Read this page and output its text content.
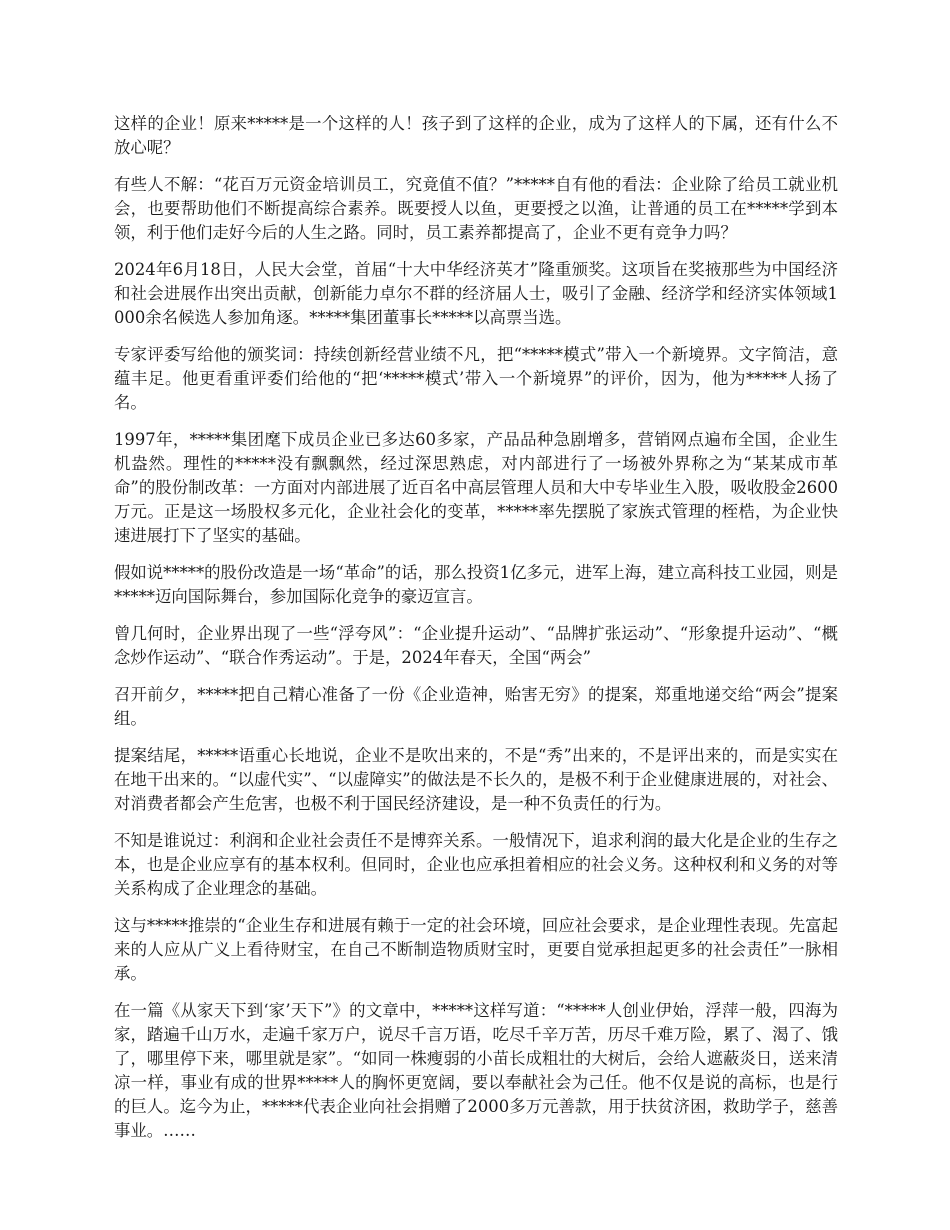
这样的企业！原来*****是一个这样的人！孩子到了这样的企业，成为了这样人的下属，还有什么不放心呢？

有些人不解：“花百万元资金培训员工，究竟值不值？”*****自有他的看法：企业除了给员工就业机会，也要帮助他们不断提高综合素养。既要授人以鱼，更要授之以渔，让普通的员工在*****学到本领，利于他们走好今后的人生之路。同时，员工素养都提高了，企业不更有竞争力吗？

2024年6月18日，人民大会堂，首届“十大中华经济英才”隆重颁奖。这项旨在奖掖那些为中国经济和社会进展作出突出贡献，创新能力卓尔不群的经济届人士，吸引了金融、经济学和经济实体领域1000余名候选人参加角逐。*****集团董事长*****以高票当选。

专家评委写给他的颁奖词：持续创新经营业绩不凡，把“*****模式”带入一个新境界。文字简洁，意蕴丰足。他更看重评委们给他的“把‘*****模式’带入一个新境界”的评价，因为，他为*****人扬了名。

1997年，*****集团麾下成员企业已多达60多家，产品品种急剧增多，营销网点遍布全国，企业生机盎然。理性的*****没有飘飘然，经过深思熟虑，对内部进行了一场被外界称之为“某某成市革命”的股份制改革：一方面对内部进展了近百名中高层管理人员和大中专毕业生入股，吸收股金2600万元。正是这一场股权多元化，企业社会化的变革，*****率先摆脱了家族式管理的桎梏，为企业快速进展打下了坚实的基础。

假如说*****的股份改造是一场“革命”的话，那么投资1亿多元，进军上海，建立高科技工业园，则是*****迈向国际舞台，参加国际化竞争的豪迈宣言。

曾几何时，企业界出现了一些“浮夸风”：“企业提升运动”、“品牌扩张运动”、“形象提升运动”、“概念炒作运动”、“联合作秀运动”。于是，2024年春天，全国“两会”

召开前夕，*****把自己精心准备了一份《企业造神，贻害无穷》的提案，郑重地递交给“两会”提案组。

提案结尾，*****语重心长地说，企业不是吹出来的，不是“秀”出来的，不是评出来的，而是实实在在地干出来的。“以虚代实”、“以虚障实”的做法是不长久的，是极不利于企业健康进展的，对社会、对消费者都会产生危害，也极不利于国民经济建设，是一种不负责任的行为。

不知是谁说过：利润和企业社会责任不是博弈关系。一般情况下，追求利润的最大化是企业的生存之本，也是企业应享有的基本权利。但同时，企业也应承担着相应的社会义务。这种权利和义务的对等关系构成了企业理念的基础。

这与*****推崇的“企业生存和进展有赖于一定的社会环境，回应社会要求，是企业理性表现。先富起来的人应从广义上看待财宝，在自己不断制造物质财宝时，更要自觉承担起更多的社会责任”一脉相承。

在一篇《从家天下到‘家’天下”》的文章中，*****这样写道：“*****人创业伊始，浮萍一般，四海为家，踏遍千山万水，走遍千家万户，说尽千言万语，吃尽千辛万苦，历尽千难万险，累了、渴了、饿了，哪里停下来，哪里就是家”。“如同一株瘦弱的小苗长成粗壮的大树后，会给人遮蔽炎日，送来清凉一样，事业有成的世界*****人的胸怀更宽阔，要以奉献社会为己任。他不仅是说的高标，也是行的巨人。迄今为止，*****代表企业向社会捐赠了2000多万元善款，用于扶贫济困，救助学子，慈善事业。……
